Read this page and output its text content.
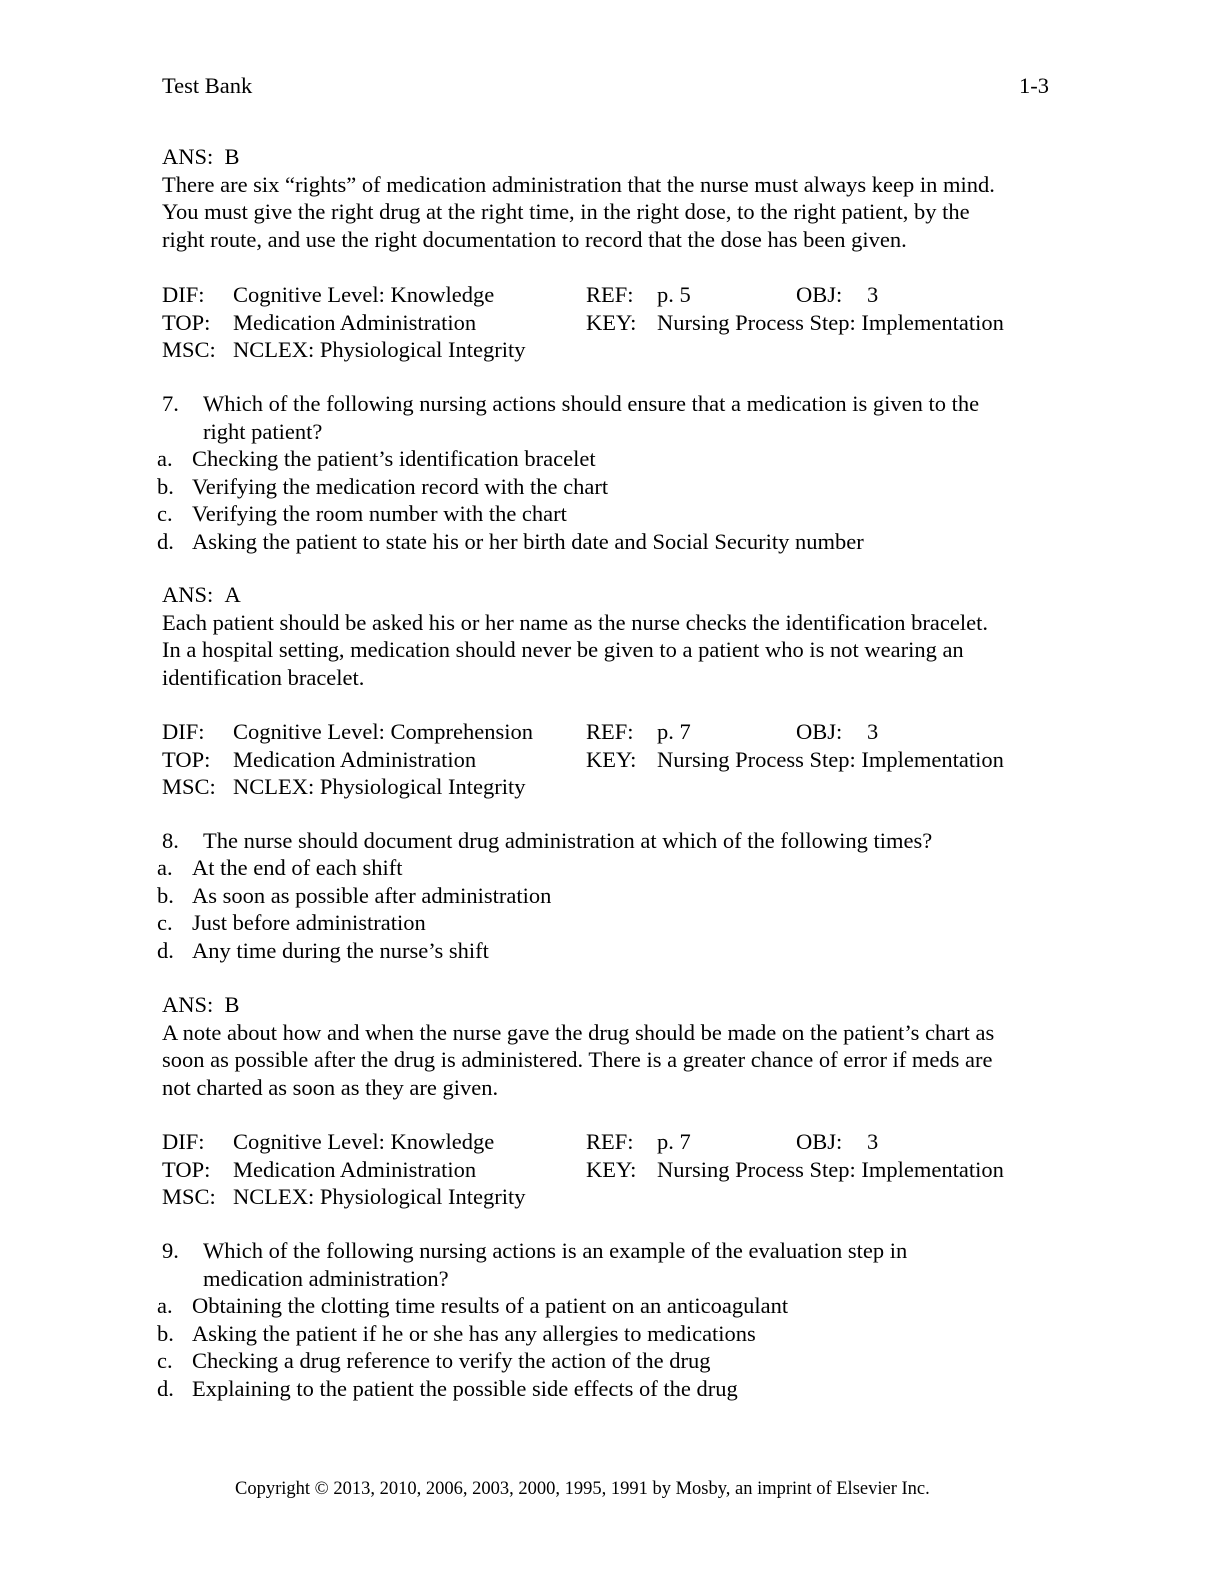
Test Bank	1-3
ANS: B
There are six “rights” of medication administration that the nurse must always keep in mind.
You must give the right drug at the right time, in the right dose, to the right patient, by the
right route, and use the right documentation to record that the dose has been given.
DIF: Cognitive Level: Knowledge	REF: p. 5	OBJ: 3
TOP: Medication Administration	KEY: Nursing Process Step: Implementation
MSC: NCLEX: Physiological Integrity
7. Which of the following nursing actions should ensure that a medication is given to the
right patient?
a. Checking the patient’s identification bracelet
b. Verifying the medication record with the chart
c. Verifying the room number with the chart
d. Asking the patient to state his or her birth date and Social Security number
ANS: A
Each patient should be asked his or her name as the nurse checks the identification bracelet.
In a hospital setting, medication should never be given to a patient who is not wearing an
identification bracelet.
DIF: Cognitive Level: Comprehension REF: p. 7	OBJ: 3
TOP: Medication Administration	KEY: Nursing Process Step: Implementation
MSC: NCLEX: Physiological Integrity
8. The nurse should document drug administration at which of the following times?
a. At the end of each shift
b. As soon as possible after administration
c. Just before administration
d. Any time during the nurse’s shift
ANS: B
A note about how and when the nurse gave the drug should be made on the patient’s chart as
soon as possible after the drug is administered. There is a greater chance of error if meds are
not charted as soon as they are given.
DIF: Cognitive Level: Knowledge	REF: p. 7	OBJ: 3
TOP: Medication Administration	KEY: Nursing Process Step: Implementation
MSC: NCLEX: Physiological Integrity
9. Which of the following nursing actions is an example of the evaluation step in
medication administration?
a. Obtaining the clotting time results of a patient on an anticoagulant
b. Asking the patient if he or she has any allergies to medications
c. Checking a drug reference to verify the action of the drug
d. Explaining to the patient the possible side effects of the drug
Copyright © 2013, 2010, 2006, 2003, 2000, 1995, 1991 by Mosby, an imprint of Elsevier Inc.
